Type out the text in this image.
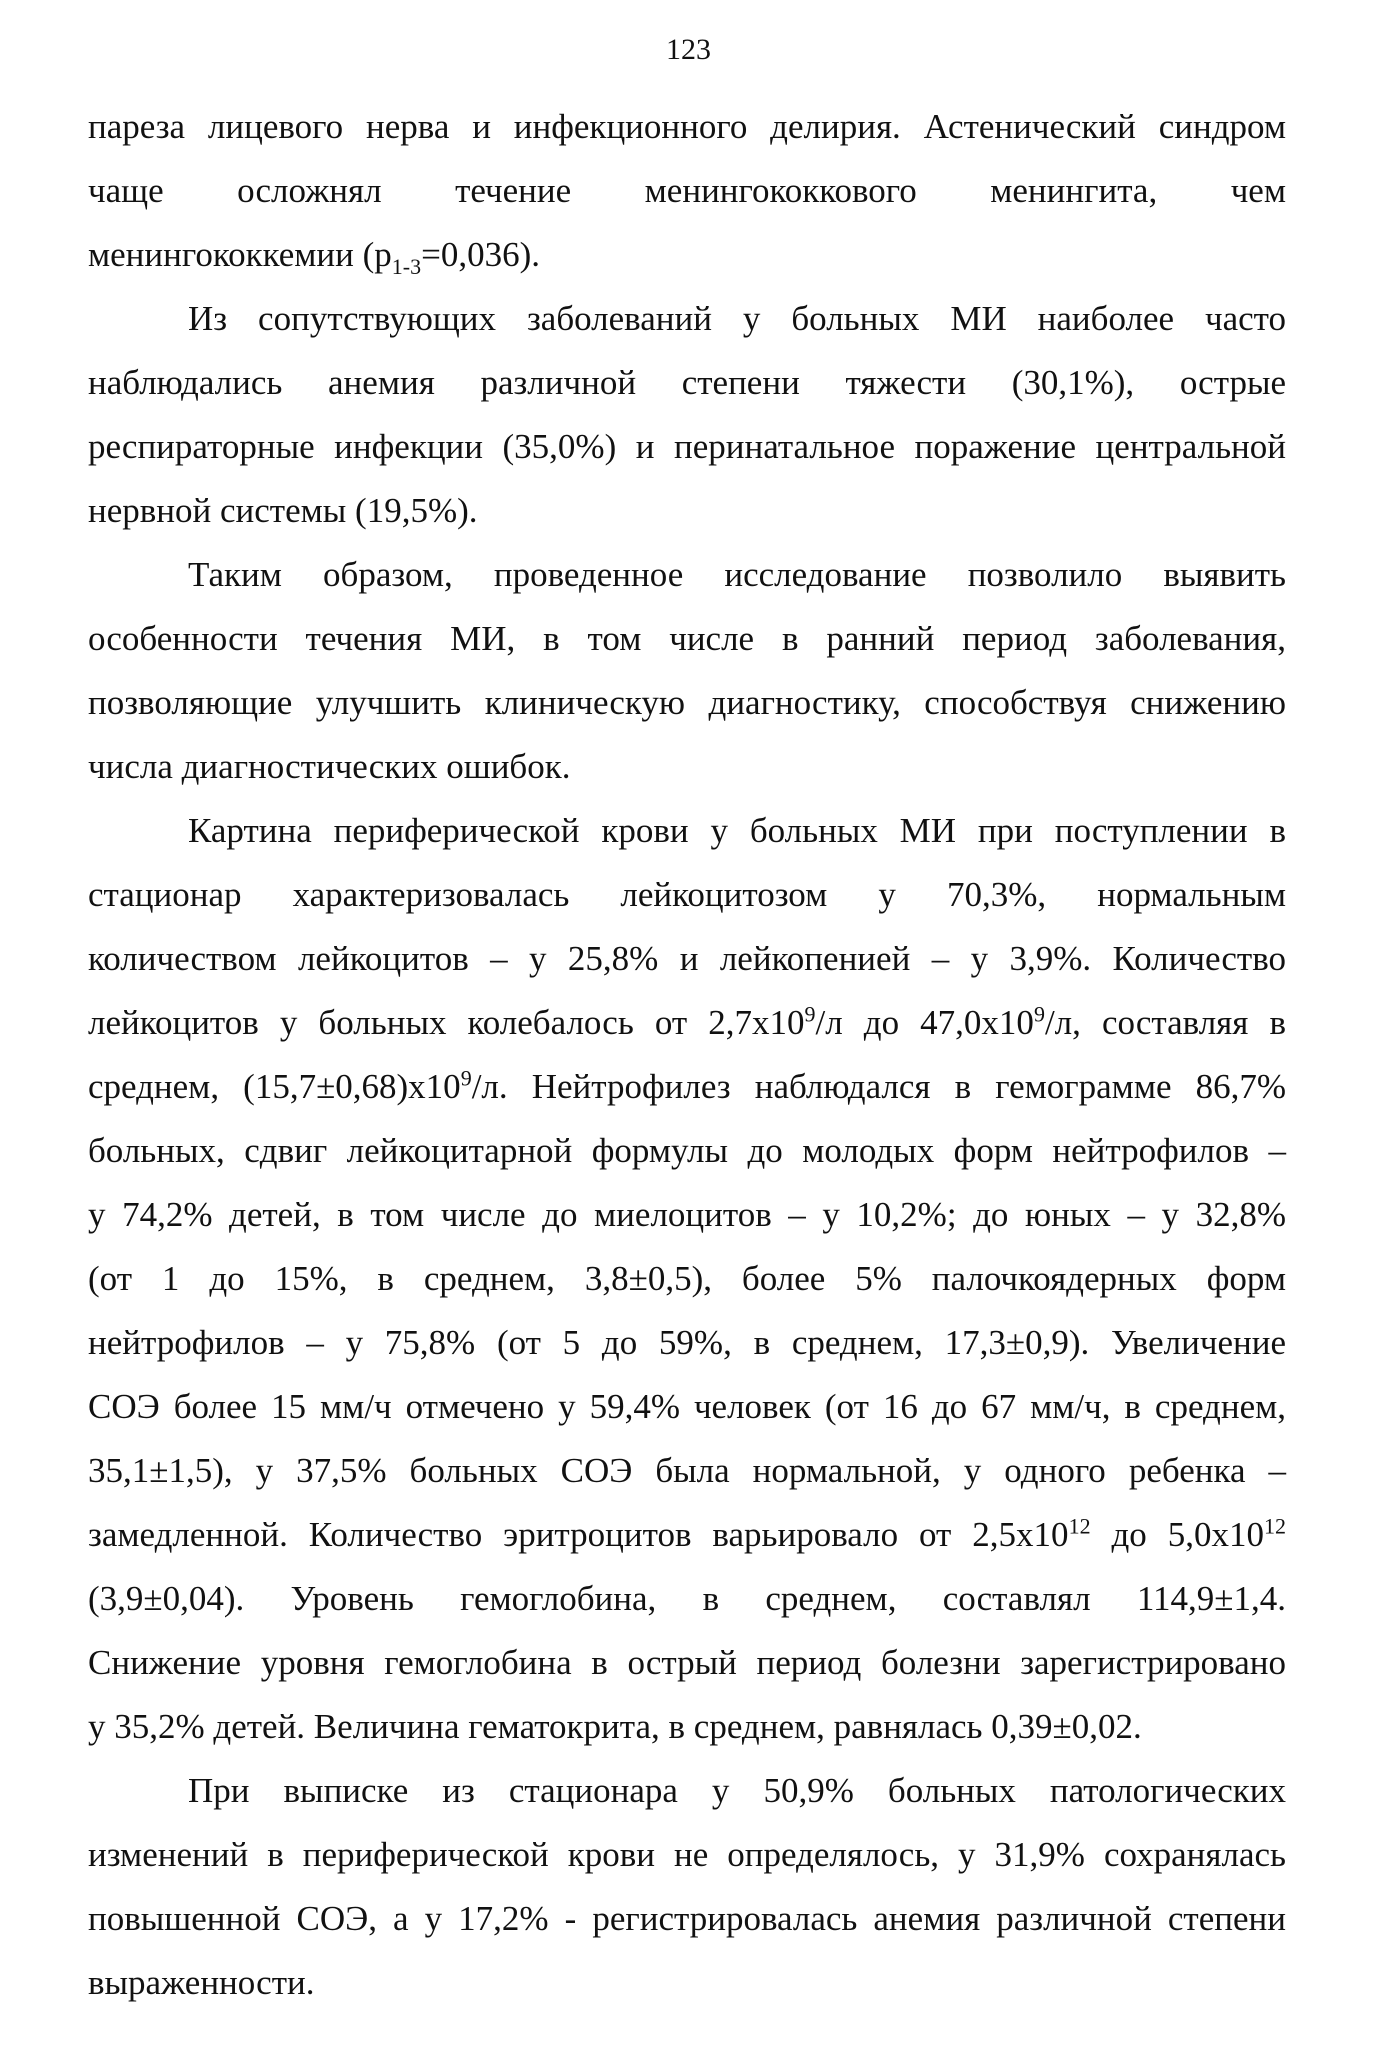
123
пареза лицевого нерва и инфекционного делирия. Астенический синдром
чаще осложнял течение менингококкового менингита, чем
менингококкемии $(p_{1-3}=0,036)$.
Из сопутствующих заболеваний у больных МИ наиболее часто
наблюдались анемия различной степени тяжести (30,1%), острые
респираторные инфекции (35,0%) и перинатальное поражение центральной
нервной системы (19,5%).
Таким образом, проведенное исследование позволило выявить
особенности течения МИ, в том числе в ранний период заболевания,
позволяющие улучшить клиническую диагностику, способствуя снижению
числа диагностических ошибок.
Картина периферической крови у больных МИ при поступлении в
стационар характеризовалась лейкоцитозом у 70,3%, нормальным
количеством лейкоцитов – у 25,8% и лейкопенией – у 3,9%. Количество
лейкоцитов у больных колебалось от $2,7х10^9/л$ до $47,0х10^9/л$, составляя в
среднем, $(15,7\pm 0,68)х10^9/л$. Нейтрофилез наблюдался в гемограмме 86,7%
больных, сдвиг лейкоцитарной формулы до молодых форм нейтрофилов –
у 74,2% детей, в том числе до миелоцитов – у 10,2%; до юных – у 32,8%
(от 1 до 15%, в среднем, 3,8±0,5), более 5% палочкоядерных форм
нейтрофилов – у 75,8% (от 5 до 59%, в среднем, 17,3±0,9). Увеличение
СОЭ более 15 мм/ч отмечено у 59,4% человек (от 16 до 67 мм/ч, в среднем,
35,1±1,5), у 37,5% больных СОЭ была нормальной, у одного ребенка –
замедленной. Количество эритроцитов варьировало от $2,5х10^{12}$ до $5,0х10^{12}$
(3,9±0,04). Уровень гемоглобина, в среднем, составлял 114,9±1,4.
Снижение уровня гемоглобина в острый период болезни зарегистрировано
у 35,2% детей. Величина гематокрита, в среднем, равнялась 0,39±0,02.
При выписке из стационара у 50,9% больных патологических
изменений в периферической крови не определялось, у 31,9% сохранялась
повышенной СОЭ, а у 17,2% - регистрировалась анемия различной степени
выраженности.
